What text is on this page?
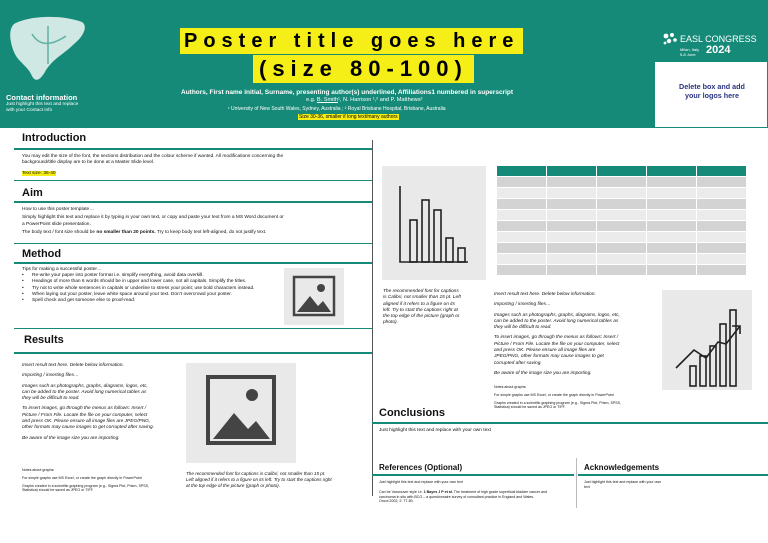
Contact information
Just highlight this text and replace
with your Contact info
Poster title goes here
(size 80-100)
Authors, First name initial, Surname, presenting author(s) underlined, Affiliations1 numbered in superscript
e.g. B. Smith¹, N. Harrison ¹,² and P. Matthews²
¹ University of New South Wales, Sydney, Australia ; ² Royal Brisbane Hospital, Brisbane, Australia
Size 30-36, smaller if long text/many authors
EASL CONGRESS
Milan, Italy
5-8 June 2024
Delete box and add
your logos here
Introduction
You may edit the size of the font, the sections distribution and the colour scheme if wanted. All modifications concerning the
background/title display are to be done at a Master Slide level.
Text size: 36-40
Aim
How to use this poster template…
Simply highlight this text and replace it by typing in your own text, or copy and paste your text from a MS Word document or
a PowerPoint slide presentation.
The body text / font size should be no smaller than 20 points. Try to keep body text left-aligned, do not justify text.
Method
Tips for making a successful poster…
• Re-write your paper into poster format i.e. simplify everything, avoid data overkill.
• Headings of more than 6 words should be in upper and lower case, not all capitals. Simplify the titles.
• Try not to write whole sentences in capitals or underline to stress your point; use bold characters instead.
• When laying out your poster, leave white space around your text. Don’t overcrowd your poster.
• Spell check and get someone else to proof-read.
Results
Insert result text here. Delete below information.
Importing / inserting files…
Images such as photographs, graphs, diagrams, logos, etc,
can be added to the poster. Avoid long numerical tables as
they will be difficult to read.
To insert images, go through the menus as follows: Insert /
Picture / From File. Locate the file on your computer, select
and press OK. Please ensure all image files are JPEG/PNG,
other formats may cause images to get corrupted after saving.
Be aware of the image size you are importing.
Notes about graphs:
For simple graphs use MS Excel, or create the graph directly in PowerPoint
Graphs created in a scientific graphing program (e.g., Sigma Plot, Prism, SPSS,
Statistica) should be saved as JPEG or TIFF.
The recommended font for captions is Calibri, not smaller than 15 pt.
Left aligned if it refers to a figure on its left. Try to start the captions right
at the top edge of the picture (graph or photo).
The recommended font for captions
is Calibri, not smaller than 15 pt. Left
aligned if it refers to a figure on its
left. Try to start the captions right at
the top edge of the picture (graph or
photo).
Insert result text here. Delete below information.
Importing / inserting files…
Images such as photographs, graphs, diagrams, logos, etc,
can be added to the poster. Avoid long numerical tables as
they will be difficult to read.
To insert images, go through the menus as follows: Insert /
Picture / From File. Locate the file on your computer, select
and press OK. Please ensure all image files are
JPEG/PNG, other formats may cause images to get
corrupted after saving.
Be aware of the image size you are importing.
Notes about graphs:
For simple graphs use MS Excel, or create the graph directly in PowerPoint
Graphs created in a scientific graphing program (e.g., Sigma Plot, Prism, SPSS,
Statistica) should be saved as JPEG or TIFF.
Conclusions
Just highlight this text and replace with your own text
References (Optional)
Just highlight this text and replace with your own text
Can be Vancouver style i.e. 1 Bayes J P et al. The treatment of high grade superficial bladder cancer and
carcinoma in situ with BCG – a questionnaire survey of consultant practice in England and Wales.
Oncol 2002; 2: 77-80.
Acknowledgements
Just highlight this text and replace with your own
text
